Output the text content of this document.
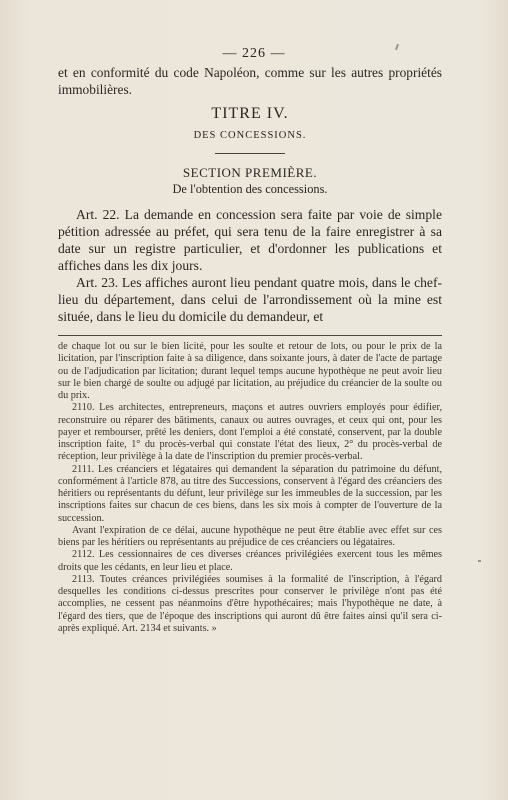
— 226 —

et en conformité du code Napoléon, comme sur les autres propriétés immobilières.

TITRE IV.

DES CONCESSIONS.

SECTION PREMIÈRE.

De l'obtention des concessions.

Art. 22. La demande en concession sera faite par voie de simple pétition adressée au préfet, qui sera tenu de la faire enregistrer à sa date sur un registre particulier, et d'ordonner les publications et affiches dans les dix jours.

Art. 23. Les affiches auront lieu pendant quatre mois, dans le chef-lieu du département, dans celui de l'arrondissement où la mine est située, dans le lieu du domicile du demandeur, et

de chaque lot ou sur le bien licité, pour les soulte et retour de lots, ou pour le prix de la licitation, par l'inscription faite à sa diligence, dans soixante jours, à dater de l'acte de partage ou de l'adjudication par licitation; durant lequel temps aucune hypothèque ne peut avoir lieu sur le bien chargé de soulte ou adjugé par licitation, au préjudice du créancier de la soulte ou du prix.

2110. Les architectes, entrepreneurs, maçons et autres ouvriers employés pour édifier, reconstruire ou réparer des bâtiments, canaux ou autres ouvrages, et ceux qui ont, pour les payer et rembourser, prêté les deniers, dont l'emploi a été constaté, conservent, par la double inscription faite, 1° du procès-verbal qui constate l'état des lieux, 2° du procès-verbal de réception, leur privilège à la date de l'inscription du premier procès-verbal.

2111. Les créanciers et légataires qui demandent la séparation du patrimoine du défunt, conformément à l'article 878, au titre des Successions, conservent à l'égard des créanciers des héritiers ou représentants du défunt, leur privilège sur les immeubles de la succession, par les inscriptions faites sur chacun de ces biens, dans les six mois à compter de l'ouverture de la succession.

Avant l'expiration de ce délai, aucune hypothèque ne peut être établie avec effet sur ces biens par les héritiers ou représentants au préjudice de ces créanciers ou légataires.

2112. Les cessionnaires de ces diverses créances privilégiées exercent tous les mêmes droits que les cédants, en leur lieu et place.

2113. Toutes créances privilégiées soumises à la formalité de l'inscription, à l'égard desquelles les conditions ci-dessus prescrites pour conserver le privilège n'ont pas été accomplies, ne cessent pas néanmoins d'être hypothécaires; mais l'hypothèque ne date, à l'égard des tiers, que de l'époque des inscriptions qui auront dû être faites ainsi qu'il sera ci-après expliqué. Art. 2134 et suivants. »
